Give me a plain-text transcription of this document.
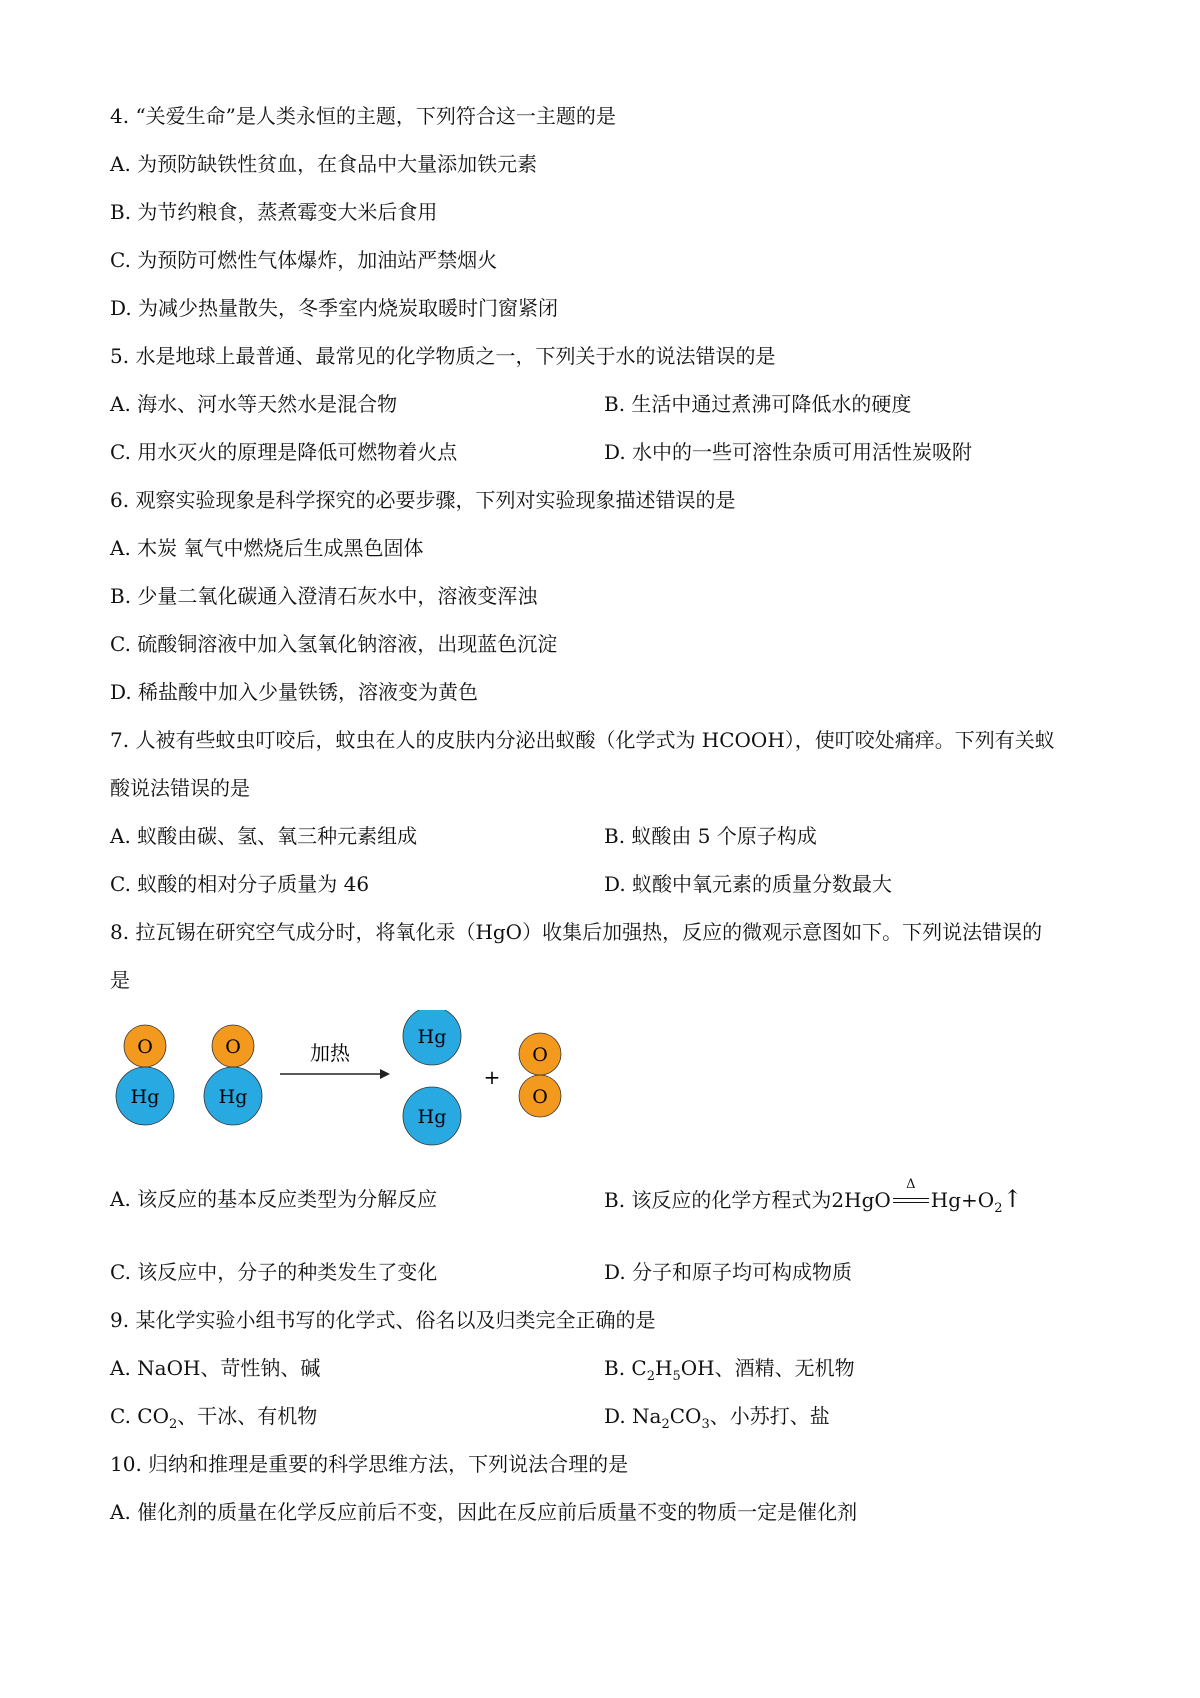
4. “关爱生命”是人类永恒的主题，下列符合这一主题的是
A. 为预防缺铁性贫血，在食品中大量添加铁元素
B. 为节约粮食，蒸煮霉变大米后食用
C. 为预防可燃性气体爆炸，加油站严禁烟火
D. 为减少热量散失，冬季室内烧炭取暖时门窗紧闭
5. 水是地球上最普通、最常见的化学物质之一，下列关于水的说法错误的是
A. 海水、河水等天然水是混合物	B. 生活中通过煮沸可降低水的硬度
C. 用水灭火的原理是降低可燃物着火点	D. 水中的一些可溶性杂质可用活性炭吸附
6. 观察实验现象是科学探究的必要步骤，下列对实验现象描述错误的是
A. 木炭 氧气中燃烧后生成黑色固体
B. 少量二氧化碳通入澄清石灰水中，溶液变浑浊
C. 硫酸铜溶液中加入氢氧化钠溶液，出现蓝色沉淀
D. 稀盐酸中加入少量铁锈，溶液变为黄色
7. 人被有些蚊虫叮咬后，蚊虫在人的皮肤内分泌出蚁酸（化学式为 HCOOH），使叮咬处痛痒。下列有关蚁
酸说法错误的是
A. 蚁酸由碳、氢、氧三种元素组成	B. 蚁酸由 5 个原子构成
C. 蚁酸的相对分子质量为 46	D. 蚁酸中氧元素的质量分数最大
8. 拉瓦锡在研究空气成分时，将氧化汞（HgO）收集后加强热，反应的微观示意图如下。下列说法错误的
是
O
Hg
O
Hg
加热
Hg
Hg
+
O
O
A. 该反应的基本反应类型为分解反应	B. 该反应的化学方程式为2HgO
Δ
$Hg+O_2↑$
C. 该反应中，分子的种类发生了变化	D. 分子和原子均可构成物质
9. 某化学实验小组书写的化学式、俗名以及归类完全正确的是
A. NaOH、苛性钠、碱	B. $C_2H_5OH$、酒精、无机物
C. $CO_2$、干冰、有机物	D. $Na_2CO_3$、小苏打、盐
10. 归纳和推理是重要的科学思维方法，下列说法合理的是
A. 催化剂的质量在化学反应前后不变，因此在反应前后质量不变的物质一定是催化剂
